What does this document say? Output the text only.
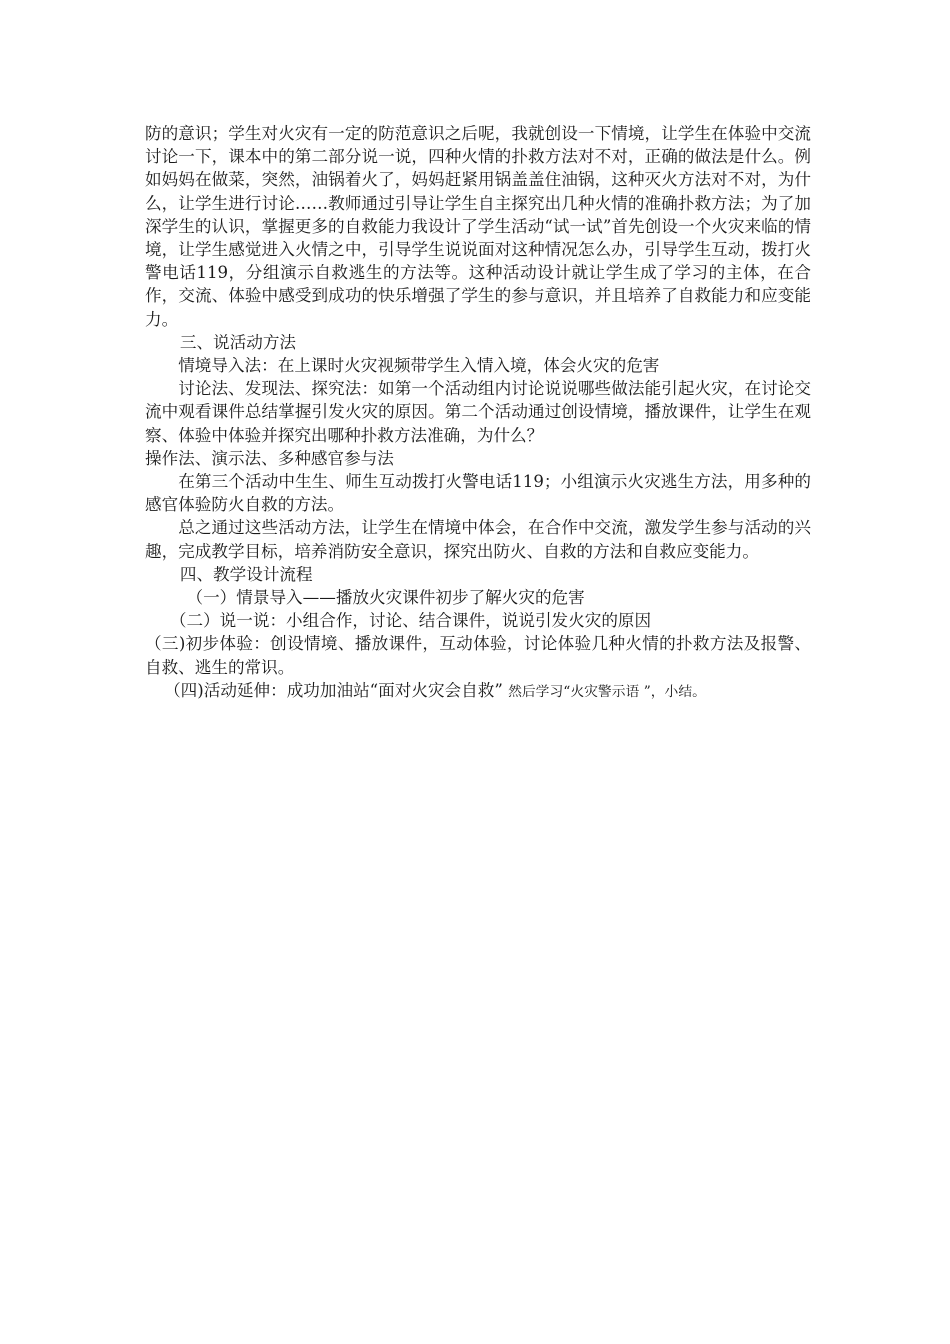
防的意识；学生对火灾有一定的防范意识之后呢，我就创设一下情境，让学生在体验中交流讨论一下，课本中的第二部分说一说，四种火情的扑救方法对不对，正确的做法是什么。例如妈妈在做菜，突然，油锅着火了，妈妈赶紧用锅盖盖住油锅，这种灭火方法对不对，为什么，让学生进行讨论……教师通过引导让学生自主探究出几种火情的准确扑救方法；为了加深学生的认识，掌握更多的自救能力我设计了学生活动“试一试”首先创设一个火灾来临的情境，让学生感觉进入火情之中，引导学生说说面对这种情况怎么办，引导学生互动，拨打火警电话119，分组演示自救逃生的方法等。这种活动设计就让学生成了学习的主体，在合作，交流、体验中感受到成功的快乐增强了学生的参与意识，并且培养了自救能力和应变能力。

三、说活动方法

情境导入法：在上课时火灾视频带学生入情入境，体会火灾的危害

讨论法、发现法、探究法：如第一个活动组内讨论说说哪些做法能引起火灾，在讨论交流中观看课件总结掌握引发火灾的原因。第二个活动通过创设情境，播放课件，让学生在观察、体验中体验并探究出哪种扑救方法准确，为什么？

操作法、演示法、多种感官参与法

在第三个活动中生生、师生互动拨打火警电话119；小组演示火灾逃生方法，用多种的感官体验防火自救的方法。

总之通过这些活动方法，让学生在情境中体会，在合作中交流，激发学生参与活动的兴趣，完成教学目标，培养消防安全意识，探究出防火、自救的方法和自救应变能力。

四、教学设计流程

（一）情景导入——播放火灾课件初步了解火灾的危害

（二）说一说：小组合作，讨论、结合课件，说说引发火灾的原因

（三)初步体验：创设情境、播放课件，互动体验，讨论体验几种火情的扑救方法及报警、自救、逃生的常识。

（四)活动延伸：成功加油站“面对火灾会自救” 然后学习“火灾警示语 ”，小结。
